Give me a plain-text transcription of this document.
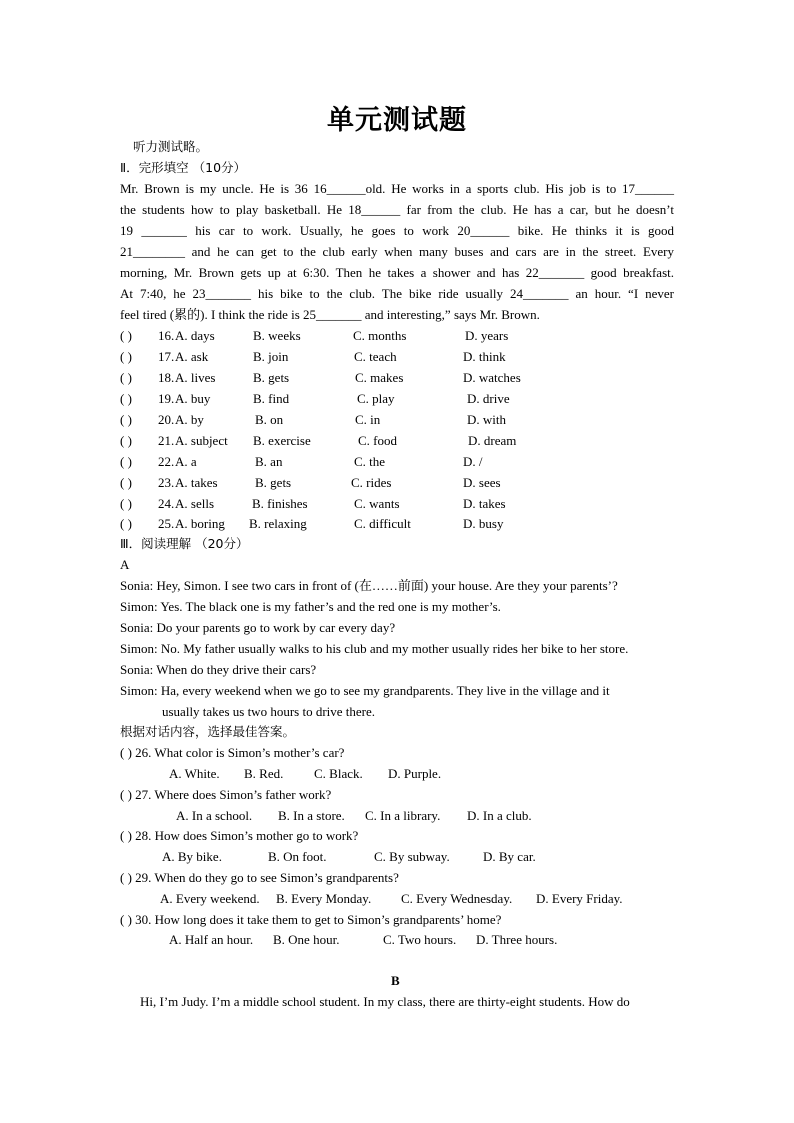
单元测试题
听力测试略。
Ⅱ．完形填空 （10分）
Mr. Brown is my uncle. He is 36 16______old. He works in a sports club. His job is to 17______
the students how to play basketball. He 18______ far from the club. He has a car, but he doesn’t
19 _______ his car to work. Usually, he goes to work 20______ bike. He thinks it is good
21________ and he can get to the club early when many buses and cars are in the street. Every
morning, Mr. Brown gets up at 6:30. Then he takes a shower and has 22_______ good breakfast.
At 7:40, he 23_______ his bike to the club. The bike ride usually 24_______ an hour. “I never
feel tired (累的). I think the ride is 25_______ and interesting,” says Mr. Brown.
( ) 16. A. days	B. weeks	C. months	D. years
( ) 17. A. ask	B. join	C. teach	D. think
( ) 18. A. lives	B. gets	C. makes	D. watches
( ) 19. A. buy	B. find	C. play	D. drive
( ) 20. A. by	B. on	C. in	D. with
( ) 21. A. subject B. exercise	C. food	D. dream
( ) 22. A. a	B. an	C. the	D. /
( ) 23. A. takes	B. gets	C. rides	D. sees
( ) 24. A. sells	B. finishes	C. wants	D. takes
( ) 25. A. boring B. relaxing	C. difficult	D. busy
Ⅲ．阅读理解 （20分）
A
Sonia: Hey, Simon. I see two cars in front of (在……前面) your house. Are they your parents’?
Simon: Yes. The black one is my father’s and the red one is my mother’s.
Sonia: Do your parents go to work by car every day?
Simon: No. My father usually walks to his club and my mother usually rides her bike to her store.
Sonia: When do they drive their cars?
Simon: Ha, every weekend when we go to see my grandparents. They live in the village and it
usually takes us two hours to drive there.
根据对话内容，选择最佳答案。
( ) 26. What color is Simon’s mother’s car?
A. White. B. Red. C. Black. D. Purple.
( ) 27. Where does Simon’s father work?
A. In a school. B. In a store. C. In a library. D. In a club.
( ) 28. How does Simon’s mother go to work?
A. By bike.	B. On foot.	C. By subway.	D. By car.
( ) 29. When do they go to see Simon’s grandparents?
A. Every weekend. B. Every Monday. C. Every Wednesday. D. Every Friday.
( ) 30. How long does it take them to get to Simon’s grandparents’ home?
A. Half an hour. B. One hour.	C. Two hours. D. Three hours.
B
Hi, I’m Judy. I’m a middle school student. In my class, there are thirty-eight students. How do
